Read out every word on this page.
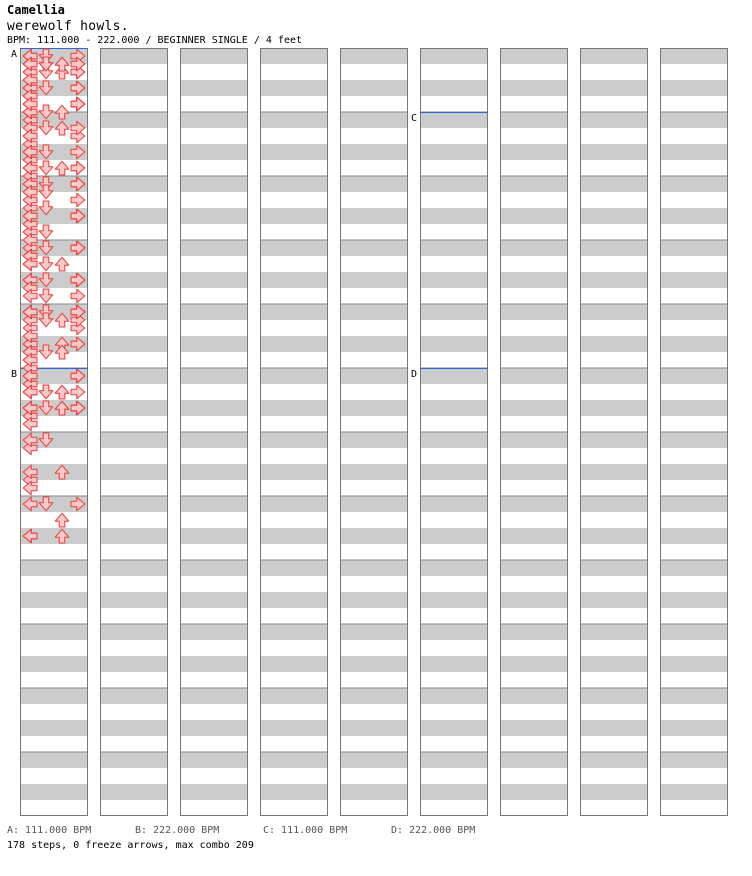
Camellia
werewolf howls.
BPM: 111.000 - 222.000 / BEGINNER SINGLE / 4 feet
A
B
C
D
A: 111.000 BPM	B: 222.000 BPM	C: 111.000 BPM	D: 222.000 BPM
178 steps, 0 freeze arrows, max combo 209
